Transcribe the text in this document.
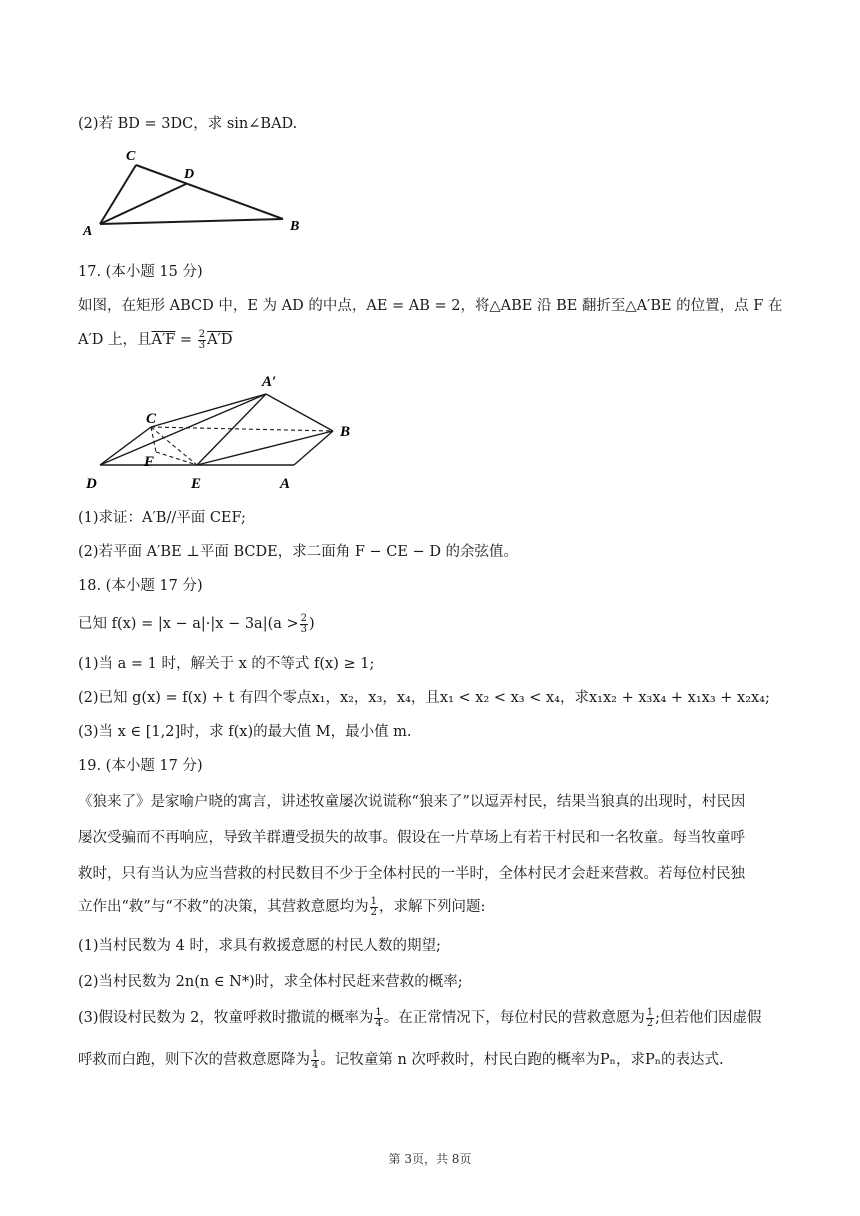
(2)若 BD = 3DC，求 sin∠BAD.
C
D
A	B
17. (本小题 15 分)
如图，在矩形 ABCD 中，E 为 AD 的中点，AE = AB = 2，将△ABE 沿 BE 翻折至△A′BE 的位置，点 F 在
A′D 上，且$A'F = \frac{2}{3} A'D$
A′
C
B
F
D	E	A
(1)求证：A′B//平面 CEF;
(2)若平面 A′BE ⊥平面 BCDE，求二面角 F − CE − D 的余弦值。
18. (本小题 17 分)
已知 $f(x) = |x - a|\cdot|x - 3a|(a > \frac{2}{3}$ )
(1)当 a = 1 时，解关于 x 的不等式 f(x) ≥ 1;
(2)已知 g(x) = f(x) + t 有四个零点x₁，x₂，x₃，x₄，且x₁ < x₂ < x₃ < x₄，求x₁x₂ + x₃x₄ + x₁x₃ + x₂x₄;
(3)当 x ∈ [1,2]时，求 f(x)的最大值 M，最小值 m.
19. (本小题 17 分)
《狼来了》是家喻户晓的寓言，讲述牧童屡次说谎称“狼来了”以逗弄村民，结果当狼真的出现时，村民因
屡次受骗而不再响应，导致羊群遭受损失的故事。假设在一片草场上有若干村民和一名牧童。每当牧童呼
救时，只有当认为应当营救的村民数目不少于全体村民的一半时，全体村民才会赶来营救。若每位村民独
立作出“救”与“不救”的决策，其营救意愿均为 $\frac{1}{2}$ ，求解下列问题:
(1)当村民数为 4 时，求具有救援意愿的村民人数的期望;
(2)当村民数为 2n(n ∈ N*)时，求全体村民赶来营救的概率;
(3)假设村民数为 2，牧童呼救时撒谎的概率为 $\frac{1}{4}$ 。在正常情况下，每位村民的营救意愿为 $\frac{1}{2}$ ;但若他们因虚假
呼救而白跑，则下次的营救意愿降为 $\frac{1}{4}$ 。记牧童第 n 次呼救时，村民白跑的概率为Pₙ，求Pₙ的表达式.
第 3页，共 8页
